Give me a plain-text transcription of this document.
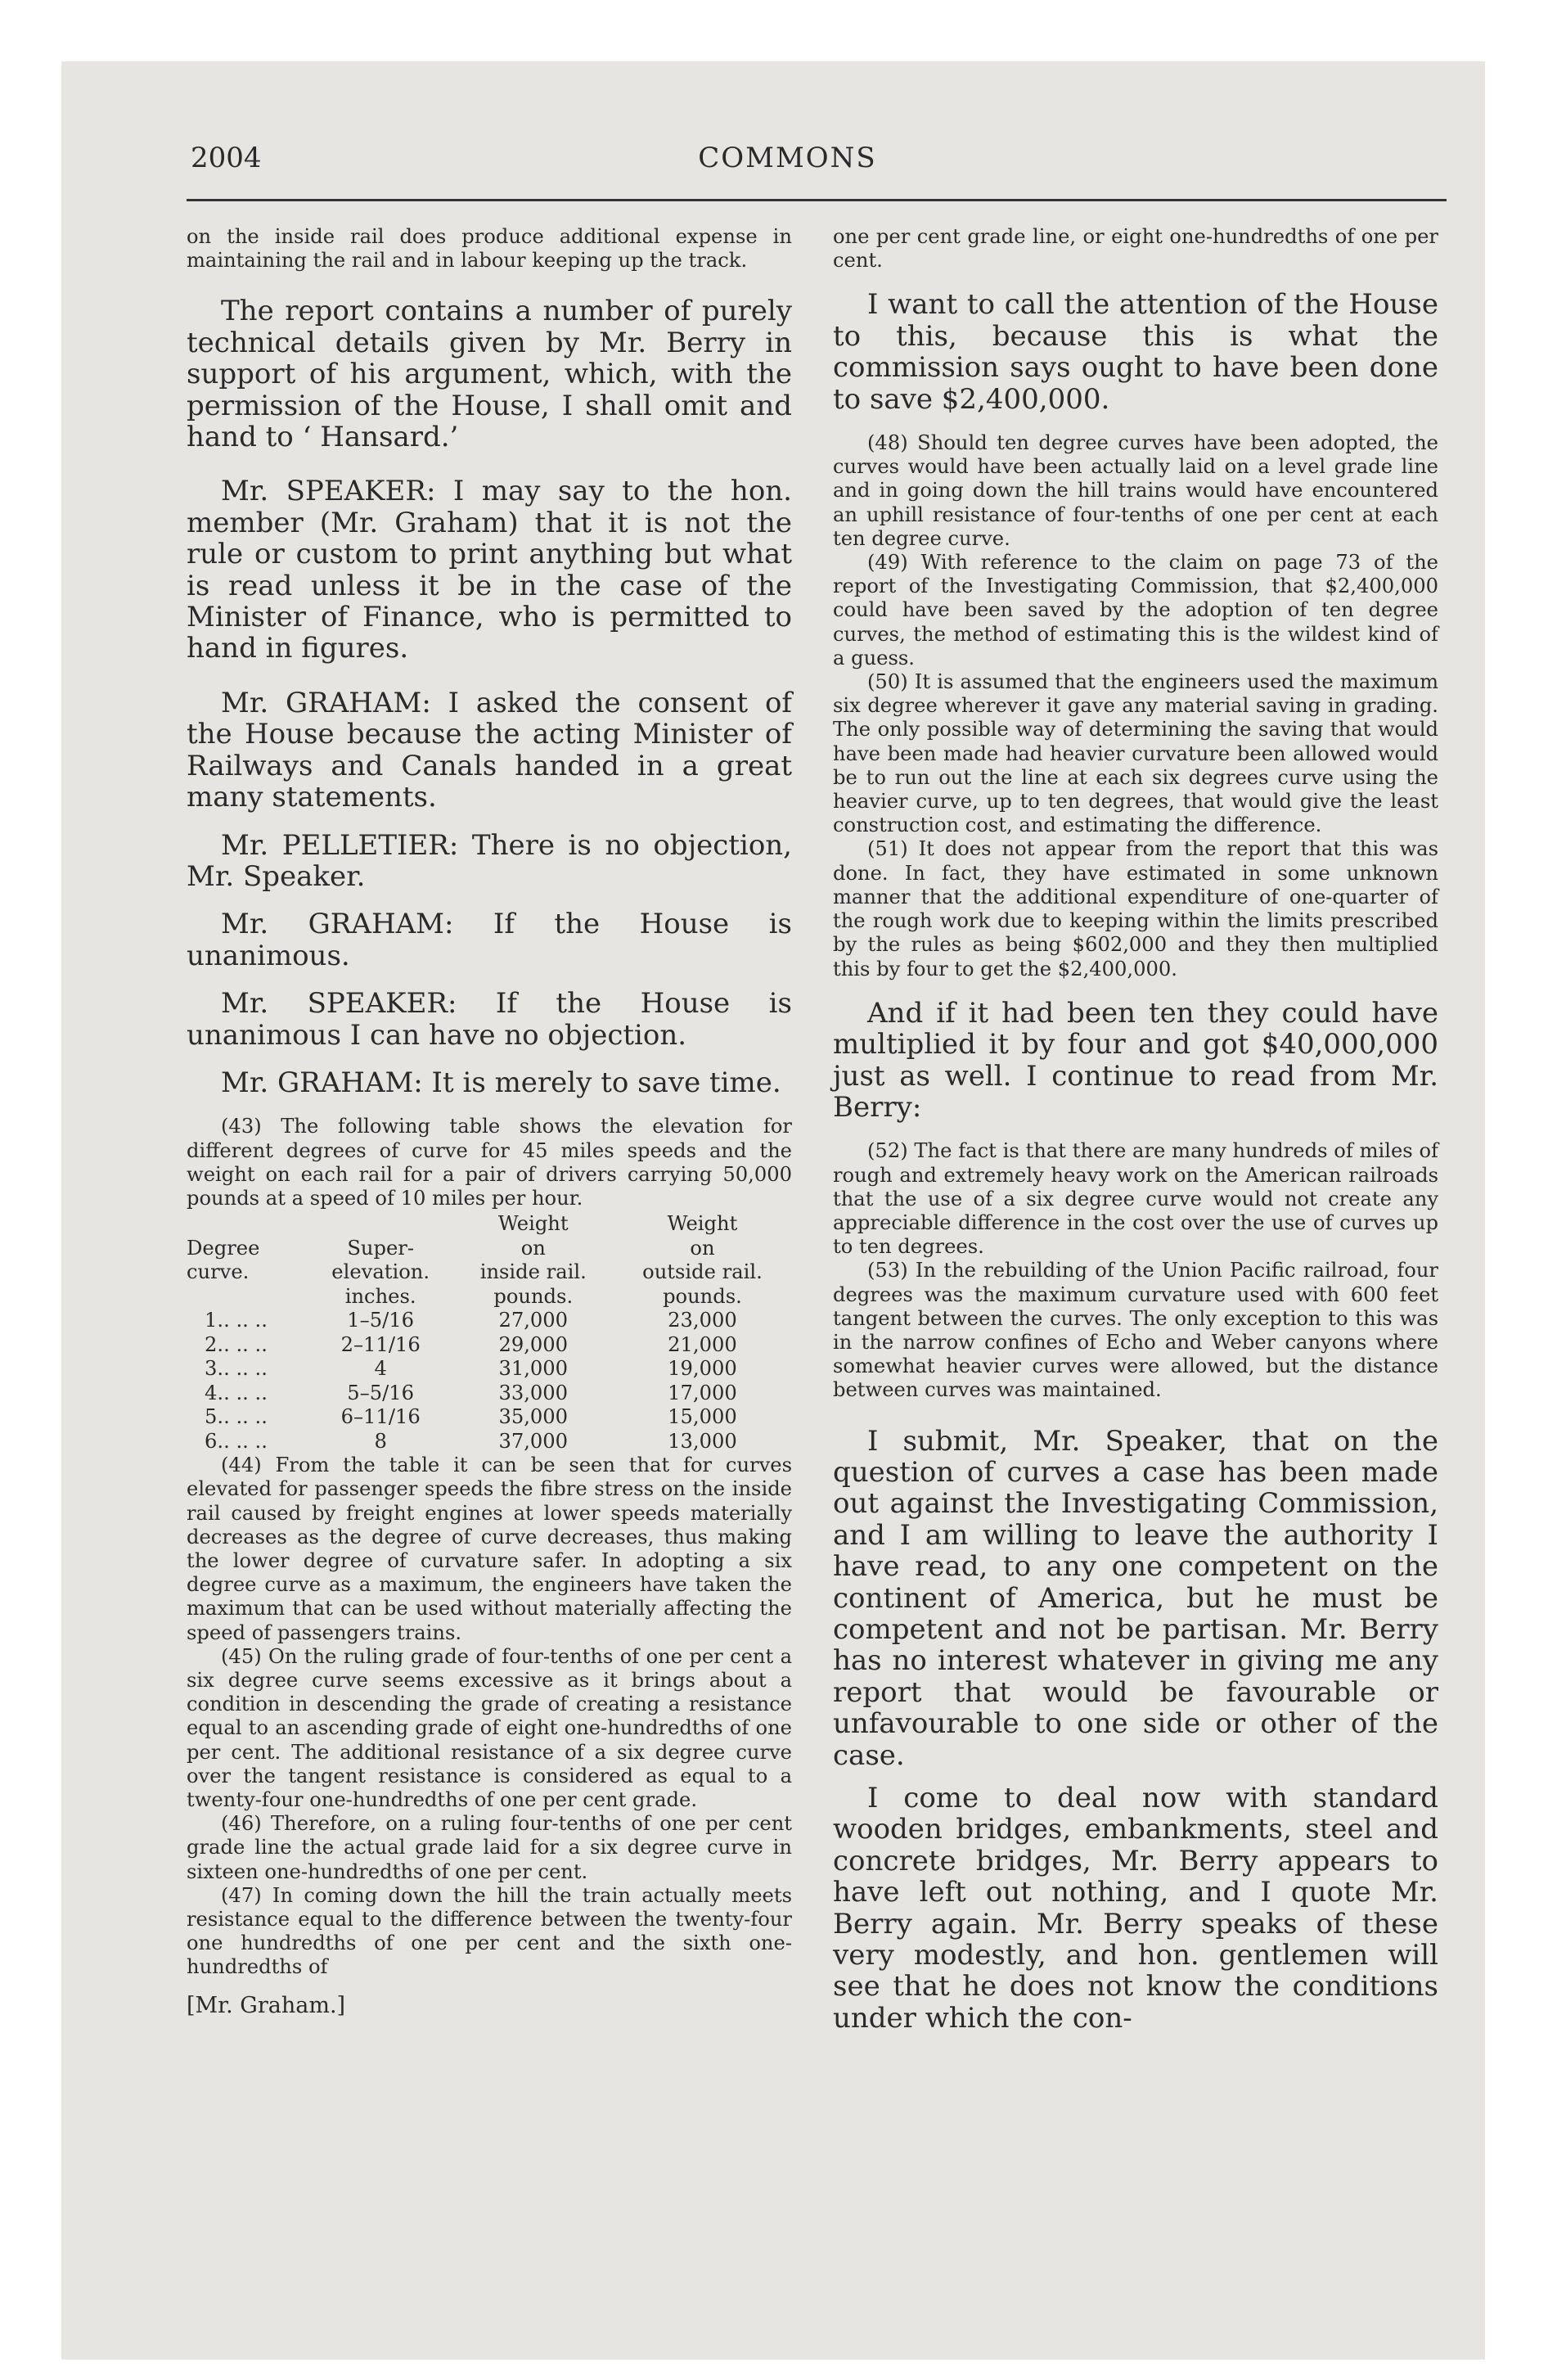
2004	COMMONS

on the inside rail does produce additional expense in maintaining the rail and in labour keeping up the track.

The report contains a number of purely technical details given by Mr. Berry in support of his argument, which, with the permission of the House, I shall omit and hand to ‘ Hansard.’

Mr. SPEAKER: I may say to the hon. member (Mr. Graham) that it is not the rule or custom to print anything but what is read unless it be in the case of the Minister of Finance, who is permitted to hand in figures.

Mr. GRAHAM: I asked the consent of the House because the acting Minister of Railways and Canals handed in a great many statements.

Mr. PELLETIER: There is no objection, Mr. Speaker.

Mr. GRAHAM: If the House is unanimous.

Mr. SPEAKER: If the House is unanimous I can have no objection.

Mr. GRAHAM: It is merely to save time.

(43) The following table shows the elevation for different degrees of curve for 45 miles speeds and the weight on each rail for a pair of drivers carrying 50,000 pounds at a speed of 10 miles per hour.

		Weight	Weight
Degree	Super-	on	on
curve.	elevation.	inside rail.	outside rail.
	inches.	pounds.	pounds.
1.. .. ..	1–5/16	27,000	23,000
2.. .. ..	2–11/16	29,000	21,000
3.. .. ..	4	31,000	19,000
4.. .. ..	5–5/16	33,000	17,000
5.. .. ..	6–11/16	35,000	15,000
6.. .. ..	8	37,000	13,000

(44) From the table it can be seen that for curves elevated for passenger speeds the fibre stress on the inside rail caused by freight engines at lower speeds materially decreases as the degree of curve decreases, thus making the lower degree of curvature safer. In adopting a six degree curve as a maximum, the engineers have taken the maximum that can be used without materially affecting the speed of passengers trains.

(45) On the ruling grade of four-tenths of one per cent a six degree curve seems excessive as it brings about a condition in descending the grade of creating a resistance equal to an ascending grade of eight one-hundredths of one per cent. The additional resistance of a six degree curve over the tangent resistance is considered as equal to a twenty-four one-hundredths of one per cent grade.

(46) Therefore, on a ruling four-tenths of one per cent grade line the actual grade laid for a six degree curve in sixteen one-hundredths of one per cent.

(47) In coming down the hill the train actually meets resistance equal to the difference between the twenty-four one hundredths of one per cent and the sixth one-hundredths of

[Mr. Graham.]

one per cent grade line, or eight one-hundredths of one per cent.

I want to call the attention of the House to this, because this is what the commission says ought to have been done to save $2,400,000.

(48) Should ten degree curves have been adopted, the curves would have been actually laid on a level grade line and in going down the hill trains would have encountered an uphill resistance of four-tenths of one per cent at each ten degree curve.

(49) With reference to the claim on page 73 of the report of the Investigating Commission, that $2,400,000 could have been saved by the adoption of ten degree curves, the method of estimating this is the wildest kind of a guess.

(50) It is assumed that the engineers used the maximum six degree wherever it gave any material saving in grading. The only possible way of determining the saving that would have been made had heavier curvature been allowed would be to run out the line at each six degrees curve using the heavier curve, up to ten degrees, that would give the least construction cost, and estimating the difference.

(51) It does not appear from the report that this was done. In fact, they have estimated in some unknown manner that the additional expenditure of one-quarter of the rough work due to keeping within the limits prescribed by the rules as being $602,000 and they then multiplied this by four to get the $2,400,000.

And if it had been ten they could have multiplied it by four and got $40,000,000 just as well. I continue to read from Mr. Berry:

(52) The fact is that there are many hundreds of miles of rough and extremely heavy work on the American railroads that the use of a six degree curve would not create any appreciable difference in the cost over the use of curves up to ten degrees.

(53) In the rebuilding of the Union Pacific railroad, four degrees was the maximum curvature used with 600 feet tangent between the curves. The only exception to this was in the narrow confines of Echo and Weber canyons where somewhat heavier curves were allowed, but the distance between curves was maintained.

I submit, Mr. Speaker, that on the question of curves a case has been made out against the Investigating Commission, and I am willing to leave the authority I have read, to any one competent on the continent of America, but he must be competent and not be partisan. Mr. Berry has no interest whatever in giving me any report that would be favourable or unfavourable to one side or other of the case.

I come to deal now with standard wooden bridges, embankments, steel and concrete bridges, Mr. Berry appears to have left out nothing, and I quote Mr. Berry again. Mr. Berry speaks of these very modestly, and hon. gentlemen will see that he does not know the conditions under which the con-
